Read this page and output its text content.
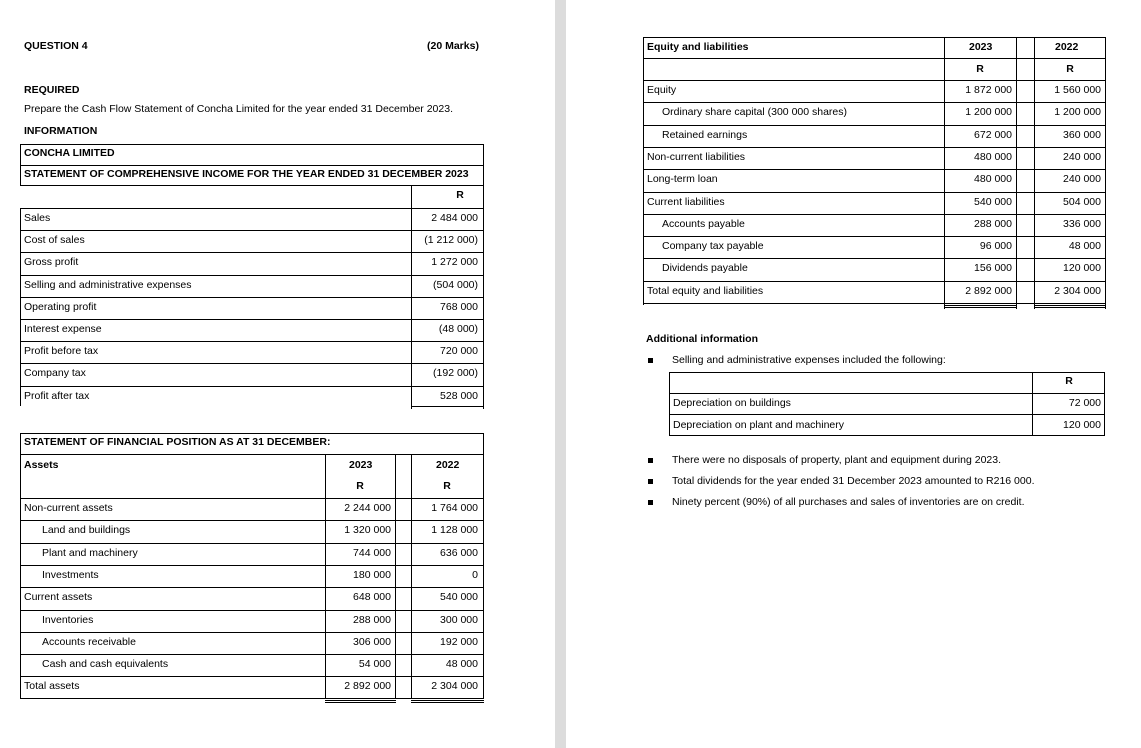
QUESTION 4	(20 Marks)
REQUIRED
Prepare the Cash Flow Statement of Concha Limited for the year ended 31 December 2023.
INFORMATION
CONCHA LIMITED
STATEMENT OF COMPREHENSIVE INCOME FOR THE YEAR ENDED 31 DECEMBER 2023
R
Sales	2 484 000
Cost of sales	(1 212 000)
Gross profit	1 272 000
Selling and administrative expenses	(504 000)
Operating profit	768 000
Interest expense	(48 000)
Profit before tax	720 000
Company tax	(192 000)
Profit after tax	528 000
STATEMENT OF FINANCIAL POSITION AS AT 31 DECEMBER:
Assets	2023	2022
R	R
Non-current assets	2 244 000	1 764 000
Land and buildings	1 320 000	1 128 000
Plant and machinery	744 000	636 000
Investments	180 000	0
Current assets	648 000	540 000
Inventories	288 000	300 000
Accounts receivable	306 000	192 000
Cash and cash equivalents	54 000	48 000
Total assets	2 892 000	2 304 000
Equity and liabilities	2023	2022
R	R
Equity	1 872 000	1 560 000
Ordinary share capital (300 000 shares)	1 200 000	1 200 000
Retained earnings	672 000	360 000
Non-current liabilities	480 000	240 000
Long-term loan	480 000	240 000
Current liabilities	540 000	504 000
Accounts payable	288 000	336 000
Company tax payable	96 000	48 000
Dividends payable	156 000	120 000
Total equity and liabilities	2 892 000	2 304 000
Additional information
Selling and administrative expenses included the following:
R
Depreciation on buildings	72 000
Depreciation on plant and machinery	120 000
There were no disposals of property, plant and equipment during 2023.
Total dividends for the year ended 31 December 2023 amounted to R216 000.
Ninety percent (90%) of all purchases and sales of inventories are on credit.
